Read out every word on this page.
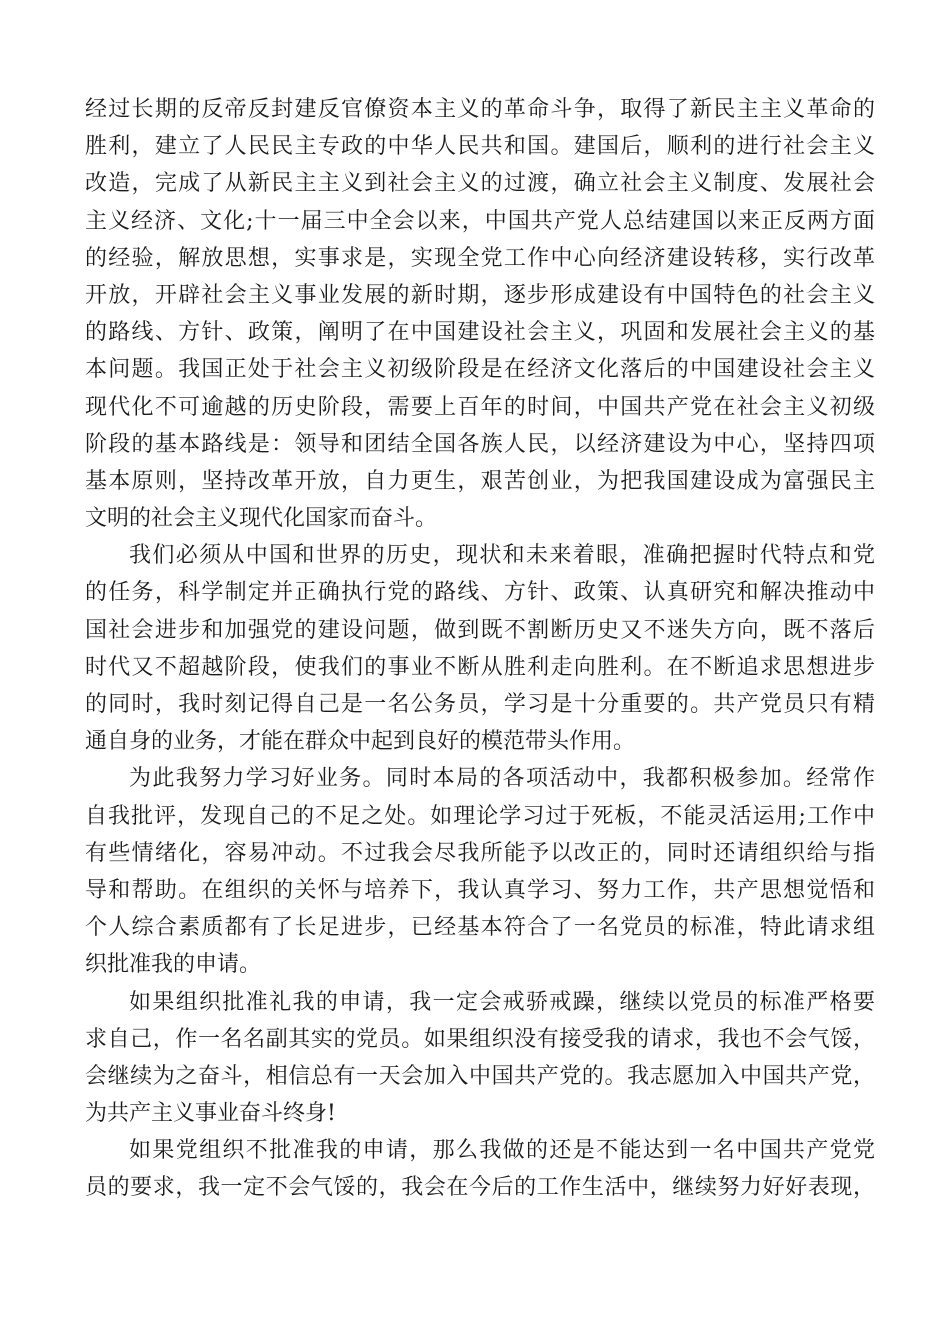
经过长期的反帝反封建反官僚资本主义的革命斗争，取得了新民主主义革命的
胜利，建立了人民民主专政的中华人民共和国。建国后，顺利的进行社会主义
改造，完成了从新民主主义到社会主义的过渡，确立社会主义制度、发展社会
主义经济、文化;十一届三中全会以来，中国共产党人总结建国以来正反两方面
的经验，解放思想，实事求是，实现全党工作中心向经济建设转移，实行改革
开放，开辟社会主义事业发展的新时期，逐步形成建设有中国特色的社会主义
的路线、方针、政策，阐明了在中国建设社会主义，巩固和发展社会主义的基
本问题。我国正处于社会主义初级阶段是在经济文化落后的中国建设社会主义
现代化不可逾越的历史阶段，需要上百年的时间，中国共产党在社会主义初级
阶段的基本路线是：领导和团结全国各族人民，以经济建设为中心，坚持四项
基本原则，坚持改革开放，自力更生，艰苦创业，为把我国建设成为富强民主
文明的社会主义现代化国家而奋斗。
我们必须从中国和世界的历史，现状和未来着眼，准确把握时代特点和党
的任务，科学制定并正确执行党的路线、方针、政策、认真研究和解决推动中
国社会进步和加强党的建设问题，做到既不割断历史又不迷失方向，既不落后
时代又不超越阶段，使我们的事业不断从胜利走向胜利。在不断追求思想进步
的同时，我时刻记得自己是一名公务员，学习是十分重要的。共产党员只有精
通自身的业务，才能在群众中起到良好的模范带头作用。
为此我努力学习好业务。同时本局的各项活动中，我都积极参加。经常作
自我批评，发现自己的不足之处。如理论学习过于死板，不能灵活运用;工作中
有些情绪化，容易冲动。不过我会尽我所能予以改正的，同时还请组织给与指
导和帮助。在组织的关怀与培养下，我认真学习、努力工作，共产思想觉悟和
个人综合素质都有了长足进步，已经基本符合了一名党员的标准，特此请求组
织批准我的申请。
如果组织批准礼我的申请，我一定会戒骄戒躁，继续以党员的标准严格要
求自己，作一名名副其实的党员。如果组织没有接受我的请求，我也不会气馁，
会继续为之奋斗，相信总有一天会加入中国共产党的。我志愿加入中国共产党，
为共产主义事业奋斗终身!
如果党组织不批准我的申请，那么我做的还是不能达到一名中国共产党党
员的要求，我一定不会气馁的，我会在今后的工作生活中，继续努力好好表现，
